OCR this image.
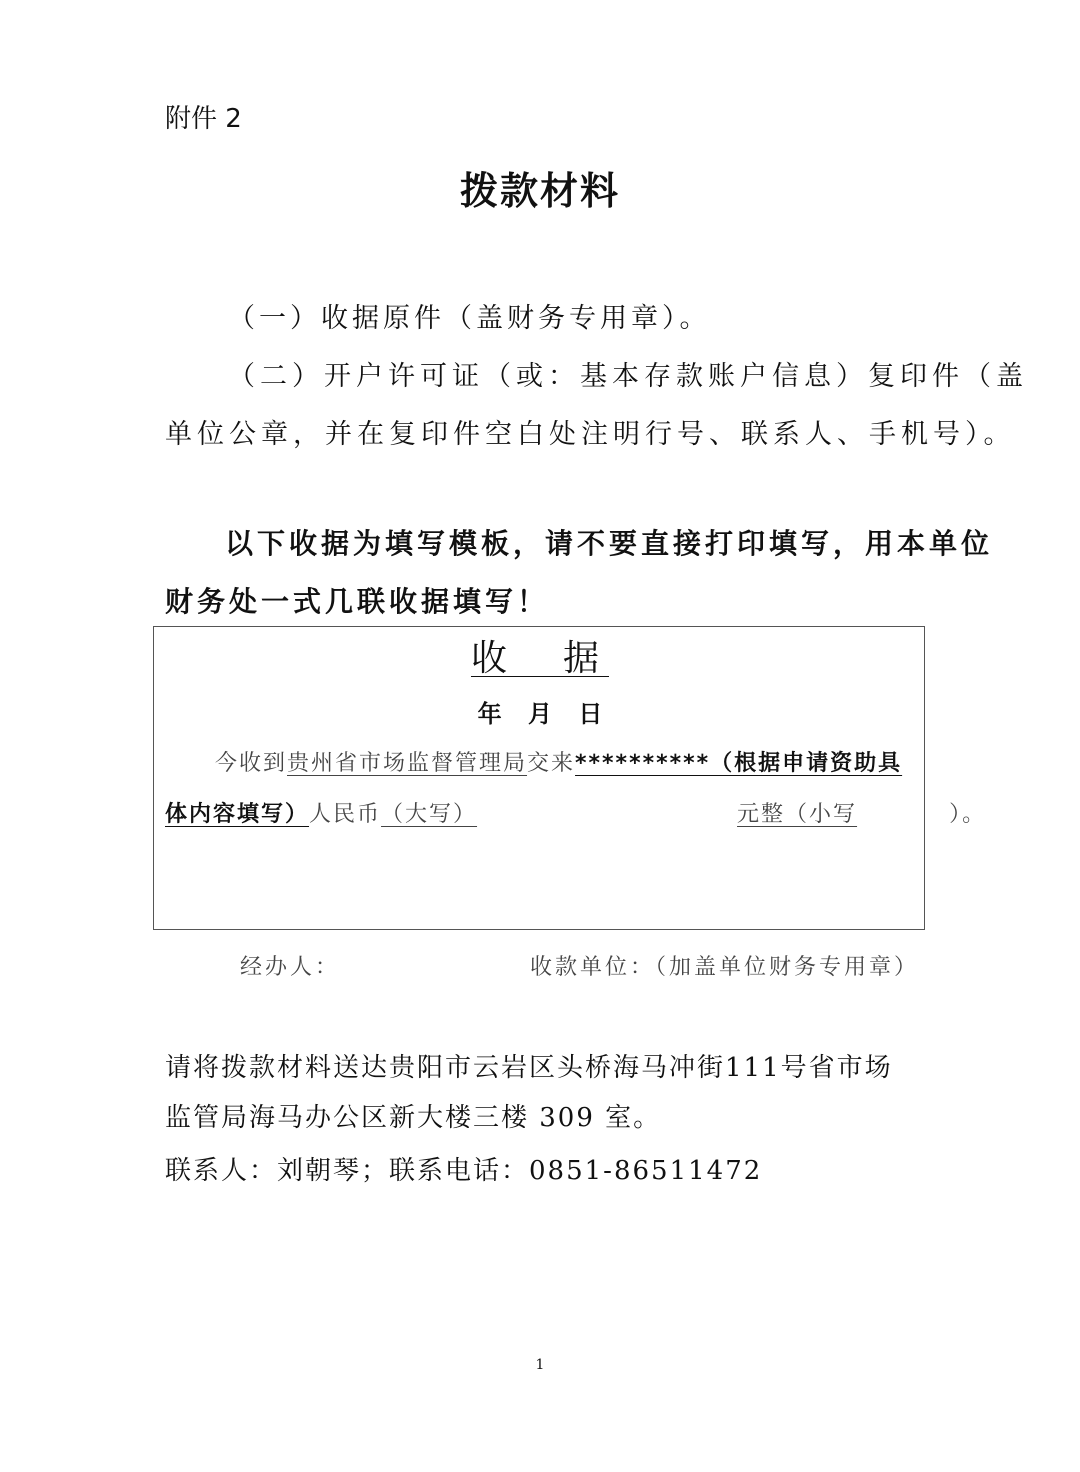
附件 2
拨款材料
（一）收据原件（盖财务专用章）。
（二）开户许可证（或：基本存款账户信息）复印件（盖
单位公章，并在复印件空白处注明行号、联系人、手机号）。
以下收据为填写模板，请不要直接打印填写，用本单位
财务处一式几联收据填写！
收　据
年 月 日
今收到贵州省市场监督管理局交来**********（根据申请资助具
体内容填写）人民币（大写）	元整（小写	）。
经办人：	收款单位：（加盖单位财务专用章）
请将拨款材料送达贵阳市云岩区头桥海马冲街111号省市场
监管局海马办公区新大楼三楼 309 室。
联系人：刘朝琴；联系电话：0851-86511472
1
